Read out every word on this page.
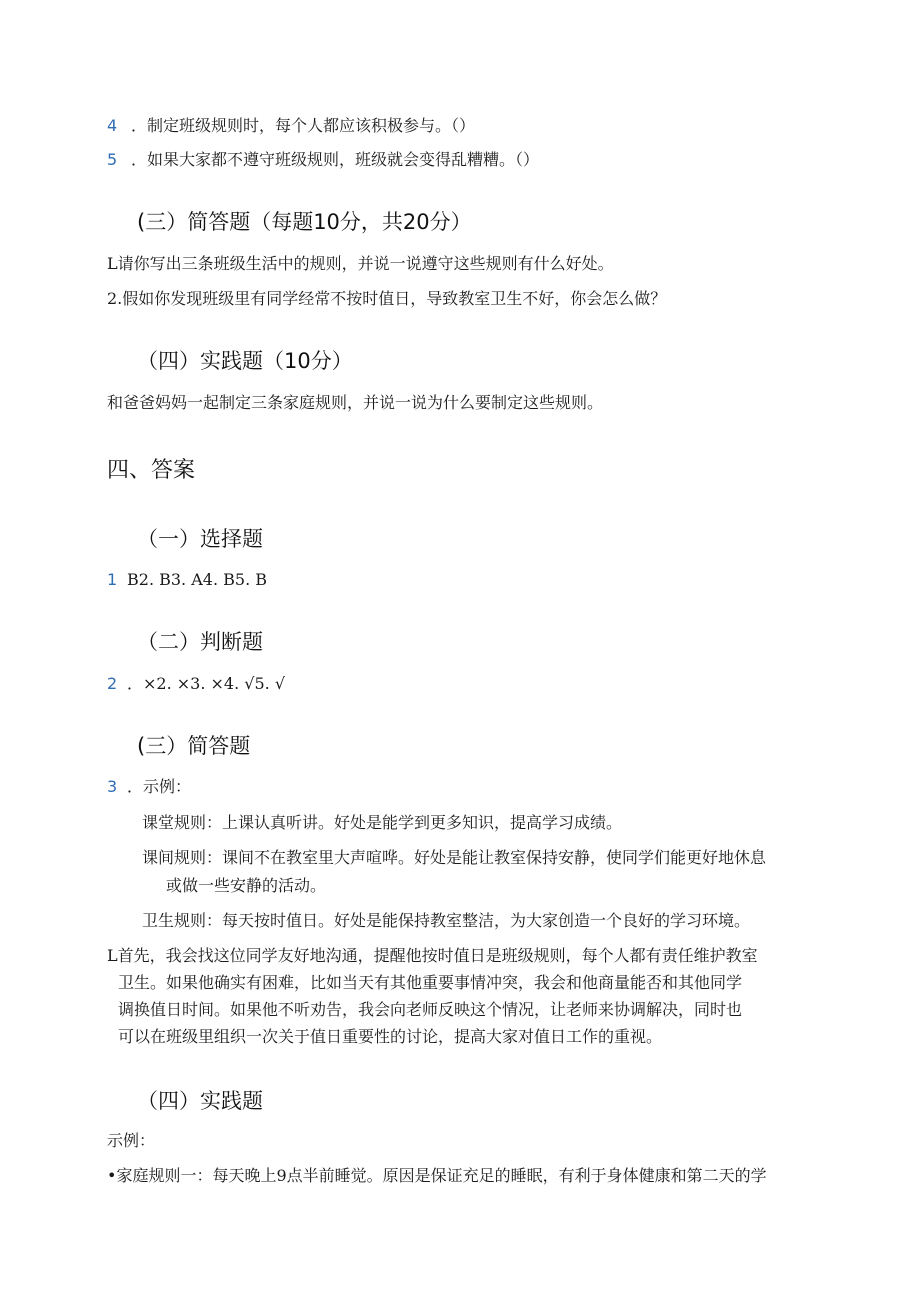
4 ．制定班级规则时，每个人都应该积极参与。（）
5 ．如果大家都不遵守班级规则，班级就会变得乱糟糟。（）
(三）简答题（每题10分，共20分）
L请你写出三条班级生活中的规则，并说一说遵守这些规则有什么好处。
2.假如你发现班级里有同学经常不按时值日，导致教室卫生不好，你会怎么做？
（四）实践题（10分）
和爸爸妈妈一起制定三条家庭规则，并说一说为什么要制定这些规则。
四、答案
（一）选择题
1 B2. B3. A4. B5. B
（二）判断题
2 ．×2. ×3. ×4. √5. √
(三）简答题
3 ．示例：
课堂规则：上课认真听讲。好处是能学到更多知识，提高学习成绩。
课间规则：课间不在教室里大声喧哗。好处是能让教室保持安静，使同学们能更好地休息
或做一些安静的活动。
卫生规则：每天按时值日。好处是能保持教室整洁，为大家创造一个良好的学习环境。
L首先，我会找这位同学友好地沟通，提醒他按时值日是班级规则，每个人都有责任维护教室
卫生。如果他确实有困难，比如当天有其他重要事情冲突，我会和他商量能否和其他同学
调换值日时间。如果他不听劝告，我会向老师反映这个情况，让老师来协调解决，同时也
可以在班级里组织一次关于值日重要性的讨论，提高大家对值日工作的重视。
（四）实践题
示例：
•家庭规则一：每天晚上9点半前睡觉。原因是保证充足的睡眠，有利于身体健康和第二天的学
